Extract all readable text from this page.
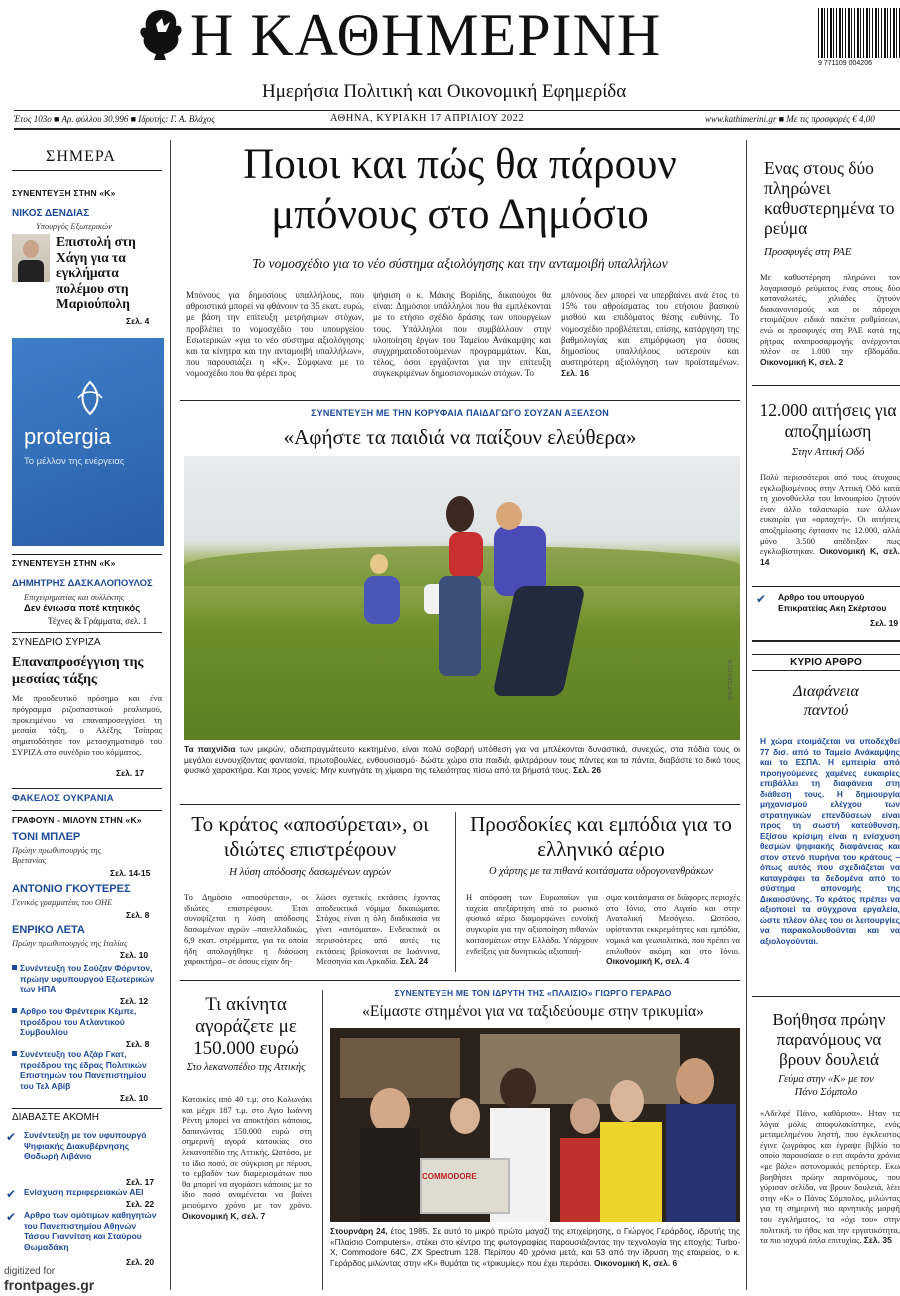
Η ΚΑΘΗΜΕΡΙΝΗ
Ημερήσια Πολιτική και Οικονομική Εφημερίδα
9 771109 004206
Έτος 103ο ■ Αρ. φύλλου 30.996 ■ Ιδρυτής: Γ. Α. Βλάχος	ΑΘΗΝΑ, ΚΥΡΙΑΚΗ 17 ΑΠΡΙΛΙΟΥ 2022	www.kathimerini.gr ■ Με τις προσφορές € 4,00
ΣΗΜΕΡΑ
ΣΥΝΕΝΤΕΥΞΗ ΣΤΗΝ «Κ»
ΝΙΚΟΣ ΔΕΝΔΙΑΣ
Υπουργός Εξωτερικών
Επιστολή στη Χάγη για τα εγκλήματα πολέμου στη Μαριούπολη
Σελ. 4
protergia
Το μέλλον της ενέργειας
ΣΥΝΕΝΤΕΥΞΗ ΣΤΗΝ «Κ»
ΔΗΜΗΤΡΗΣ ΔΑΣΚΑΛΟΠΟΥΛΟΣ
Επιχειρηματίας και συλλέκτης
Δεν ένιωσα ποτέ κτητικός
Τέχνες & Γράμματα, σελ. 1
ΣΥΝΕΔΡΙΟ ΣΥΡΙΖΑ
Επαναπροσέγγιση της μεσαίας τάξης
Με προοδευτικό πρόσημο και ένα πρόγραμμα ριζοσπαστικού ρεαλισμού, προκειμένου να επαναπροσεγγίσει τη μεσαία τάξη, ο Αλέξης Τσίπρας σηματοδότησε τον μετασχηματισμό του ΣΥΡΙΖΑ στο συνέδριο του κόμματος.
Σελ. 17
ΦΑΚΕΛΟΣ ΟΥΚΡΑΝΙΑ
ΓΡΑΦΟΥΝ - ΜΙΛΟΥΝ ΣΤΗΝ «Κ»
ΤΟΝΙ ΜΠΛΕΡ
Πρώην πρωθυπουργός της Βρετανίας
Σελ. 14-15
ΑΝΤΟΝΙΟ ΓΚΟΥΤΕΡΕΣ
Γενικός γραμματέας του ΟΗΕ
Σελ. 8
ΕΝΡΙΚΟ ΛΕΤΑ
Πρώην πρωθυπουργός της Ιταλίας
Σελ. 10
Συνέντευξη του Σούζαν Φόρντον, πρώην υφυπουργού Εξωτερικών των ΗΠΑ
Σελ. 12
Αρθρο του Φρέντερικ Κέμπε, προέδρου του Ατλαντικού Συμβουλίου
Σελ. 8
Συνέντευξη του Αζάρ Γκατ, προέδρου της έδρας Πολιτικών Επιστημών του Πανεπιστημίου του Τελ Αβίβ
Σελ. 10
ΔΙΑΒΑΣΤΕ ΑΚΟΜΗ
✔ Συνέντευξη με τον υφυπουργό Ψηφιακής Διακυβέρνησης Θοδωρή Λιβάνιο
Σελ. 17
✔ Ενίσχυση περιφερειακών ΑΕΙ
Σελ. 22
✔ Αρθρο των ομότιμων καθηγητών του Πανεπιστημίου Αθηνών Τάσου Γιαννίτση και Σταύρου Θωμαδάκη
Σελ. 20
Ποιοι και πώς θα πάρουν μπόνους στο Δημόσιο
Το νομοσχέδιο για το νέο σύστημα αξιολόγησης και την ανταμοιβή υπαλλήλων
Μπόνους για δημοσίους υπαλλήλους, που αθροιστικά μπορεί να φθάνουν τα 35 εκατ. ευρώ, με βάση την επίτευξη μετρήσιμων στόχων, προβλέπει το νομοσχέδιο του υπουργείου Εσωτερικών «για το νέο σύστημα αξιολόγησης και τα κίνητρα και την ανταμοιβή υπαλλήλων», που παρουσιάζει η «Κ». Σύμφωνα με το νομοσχέδιο που θα φέρει προς
ψήφιση ο κ. Μάκης Βορίδης, δικαιούχοι θα είναι: Δημόσιοι υπάλληλοι που θα εμπλέκονται με το ετήσιο σχέδιο δράσης των υπουργείων τους. Υπάλληλοι που συμβάλλουν στην υλοποίηση έργων του Ταμείου Ανάκαμψης και συγχρηματοδοτούμενων προγραμμάτων. Και, τέλος, όσοι εργάζονται για την επίτευξη συγκεκριμένων δημοσιονομικών στόχων. Το
μπόνους δεν μπορεί να υπερβαίνει ανά έτος το 15% του αθροίσματος του ετήσιου βασικού μισθού και επιδόματος θέσης ευθύνης. Το νομοσχέδιο προβλέπεται, επίσης, κατάργηση της βαθμολογίας και επιμόρφωση για όσους δημοσίους υπαλλήλους υστερούν και αυστηρότερη αξιολόγηση των προϊσταμένων. Σελ. 16
ΣΥΝΕΝΤΕΥΞΗ ΜΕ ΤΗΝ ΚΟΡΥΦΑΙΑ ΠΑΙΔΑΓΩΓΟ ΣΟΥΖΑΝ ΑΞΕΛΣΟΝ
«Αφήστε τα παιδιά να παίξουν ελεύθερα»
SHUTTERSTOCK
Τα παιχνίδια των μικρών, αδιαπραγμάτευτο κεκτημένο, είναι πολύ σοβαρή υπόθεση για να μπλέκονται δυναστικά, συνεχώς, στα πόδια τους οι μεγάλοι ευνουχίζοντας φαντασία, πρωτοβουλίες, ενθουσιασμό· δώστε χώρο στα παιδιά, φιλτράρουν τους πάντες και τα πάντα, διαβάστε το δικό τους φυσικό χαρακτήρα. Και προς γονείς: Μην κυνηγάτε τη χίμαιρα της τελειότητας πίσω από τα βήματά τους. Σελ. 26
Το κράτος «αποσύρεται», οι ιδιώτες επιστρέφουν
Η λύση απόδοσης δασωμένων αγρών
Το Δημόσιο «αποσύρεται», οι ιδιώτες επιστρέφουν. Έτσι συνοψίζεται η λύση απόδοσης δασωμένων αγρών –πανελλαδικώς, 6,9 εκατ. στρέμματα, για τα οποία ήδη απολογήθηκε η διάσωση χαρακτήρα– σε όσους είχαν δη-
λώσει σχετικές εκτάσεις έχοντας αποδεικτικά νόμιμα δικαιώματα. Στόχος είναι η όλη διαδικασία να γίνει «αυτόματα». Ενδεικτικά οι περισσότερες από αυτές τις εκτάσεις βρίσκονται σε Ιωάννινα, Μεσσηνία και Αρκαδία. Σελ. 24
Προσδοκίες και εμπόδια για το ελληνικό αέριο
Ο χάρτης με τα πιθανά κοιτάσματα υδρογονανθράκων
Η απόφαση των Ευρωπαίων για ταχεία απεξάρτηση από το ρωσικό φυσικό αέριο διαμορφώνει ευνοϊκή συγκυρία για την αξιοποίηση πιθανών κοιτασμάτων στην Ελλάδα. Υπάρχουν ενδείξεις για δυνητικώς αξιοποιή-
σιμα κοιτάσματα σε διάφορες περιοχές στο Ιόνιο, στο Αιγαίο και στην Ανατολική Μεσόγειο. Ωστόσο, υφίστανται εκκρεμότητες και εμπόδια, νομικά και γεωπολιτικά, που πρέπει να επιλυθούν ακόμη και στο Ιόνιο. Οικονομική Κ, σελ. 4
Τι ακίνητα αγοράζετε με 150.000 ευρώ
Στο λεκανοπέδιο της Αττικής
Κατοικίες από 40 τ.μ. στο Κολωνάκι και μέχρι 187 τ.μ. στο Αγιο Ιωάννη Ρέντη μπορεί να αποκτήσει κάποιος, δαπανώντας 150.000 ευρώ στη σημερινή αγορά κατοικίας στο λεκανοπέδιο της Αττικής. Ωστόσο, με το ίδιο ποσό, σε σύγκριση με πέρυσι, το εμβαδόν των διαμερισμάτων που θα μπορεί να αγοράσει κάποιος με το ίδιο ποσό αναμένεται να βαίνει μειούμενο χρόνο με τον χρόνο. Οικονομική Κ, σελ. 7
ΣΥΝΕΝΤΕΥΞΗ ΜΕ ΤΟΝ ΙΔΡΥΤΗ ΤΗΣ «ΠΛΑΙΣΙΟ» ΓΙΩΡΓΟ ΓΕΡΑΡΔΟ
«Είμαστε στημένοι για να ταξιδεύουμε στην τρικυμία»
COMMODORE
Στουρνάρη 24, έτος 1985. Σε αυτό το μικρό πρώτο μαγαζί της επιχείρησης, ο Γιώργος Γεράρδος, ιδρυτής της «Πλαίσιο Computers», στέκει στο κέντρο της φωτογραφίας παρουσιάζοντας την τεχνολογία της εποχής: Turbo-X, Commodore 64C, ZX Spectrum 128. Περίπου 40 χρόνια μετά, και 53 από την ίδρυση της εταιρείας, ο κ. Γεράρδος μιλώντας στην «Κ» θυμάται τις «τρικυμίες» που έχει περάσει. Οικονομική Κ, σελ. 6
Ενας στους δύο πληρώνει καθυστερημένα το ρεύμα
Προσφυγές στη ΡΑΕ
Με καθυστέρηση πληρώνει τον λογαριασμό ρεύματος ένας στους δύο καταναλωτές, χιλιάδες ζητούν διακανονισμούς και οι πάροχοι ετοιμάζουν ειδικά πακέτα ρυθμίσεων, ενώ οι προσφυγές στη ΡΑΕ κατά της ρήτρας αναπροσαρμογής ανέρχονται πλέον σε 1.000 την εβδομάδα. Οικονομική Κ, σελ. 2
12.000 αιτήσεις για αποζημίωση
Στην Αττική Οδό
Πολύ περισσότεροι από τους άτυχους εγκλωβισμένους στην Αττική Οδό κατά τη χιονοθύελλα του Ιανουαρίου ζητούν έναν άλλο ταλαιπωρία των άλλων ευκαιρία για «αρπαχτή». Οι αιτήσεις αποζημίωσης έφτασαν τις 12.000, αλλά μόνο 3.500 απέδειξαν πως εγκλωβίστηκαν. Οικονομική Κ, σελ. 14
✔ Αρθρο του υπουργού Επικρατείας Ακη Σκέρτσου
Σελ. 19
ΚΥΡΙΟ ΑΡΘΡΟ
Διαφάνεια παντού
Η χώρα ετοιμάζεται να υποδεχθεί 77 δισ. από το Ταμείο Ανάκαμψης και το ΕΣΠΑ. Η εμπειρία από προηγούμενες χαμένες ευκαιρίες επιβάλλει τη διαφάνεια στη διάθεση τους. Η δημιουργία μηχανισμού ελέγχου των στρατηγικών επενδύσεων είναι προς τη σωστή κατεύθυνση. Εξίσου κρίσιμη είναι η ενίσχυση θεσμών ψηφιακής διαφάνειας και στον στενό πυρήνα του κράτους – όπως αυτός που σχεδιάζεται να καταγράφει τα δεδομένα από το σύστημα απονομής της Δικαιοσύνης. Το κράτος πρέπει να αξιοποιεί τα σύγχρονα εργαλεία, ώστε πλέον όλες του οι λειτουργίες να παρακολουθούνται και να αξιολογούνται.
Βοήθησα πρώην παρανόμους να βρουν δουλειά
Γεύμα στην «Κ» με τον Πάνο Σόμπολο
«Αδελφέ Πάνο, καθάρισα». Ηταν τα λόγια μόλις αποφυλακίστηκε, ενός μεταμελημένου ληστή, που έγκλειστος έγινε ζωγράφος και έγραψε βιβλίο το οποίο παρουσίασε ο ειπ σαράντα χρόνια «με βάλε» αστυνομικός ρεπόρτερ. Εκω βοηθήσει πρώην παρανόμους, που γύρισαν σελίδα, να βρουν δουλειά, λέει στην «Κ» ο Πάνος Σόμπολος, μιλώντας για τη σημερινή πιο αρνητικής μορφή του εγκλήματος, τα «όχι του» στην πολιτική, το ήθος και την εργατικότητα, τα πιο ισχυρά όπλα επιτυχίας. Σελ. 35
digitized for
frontpages.gr
